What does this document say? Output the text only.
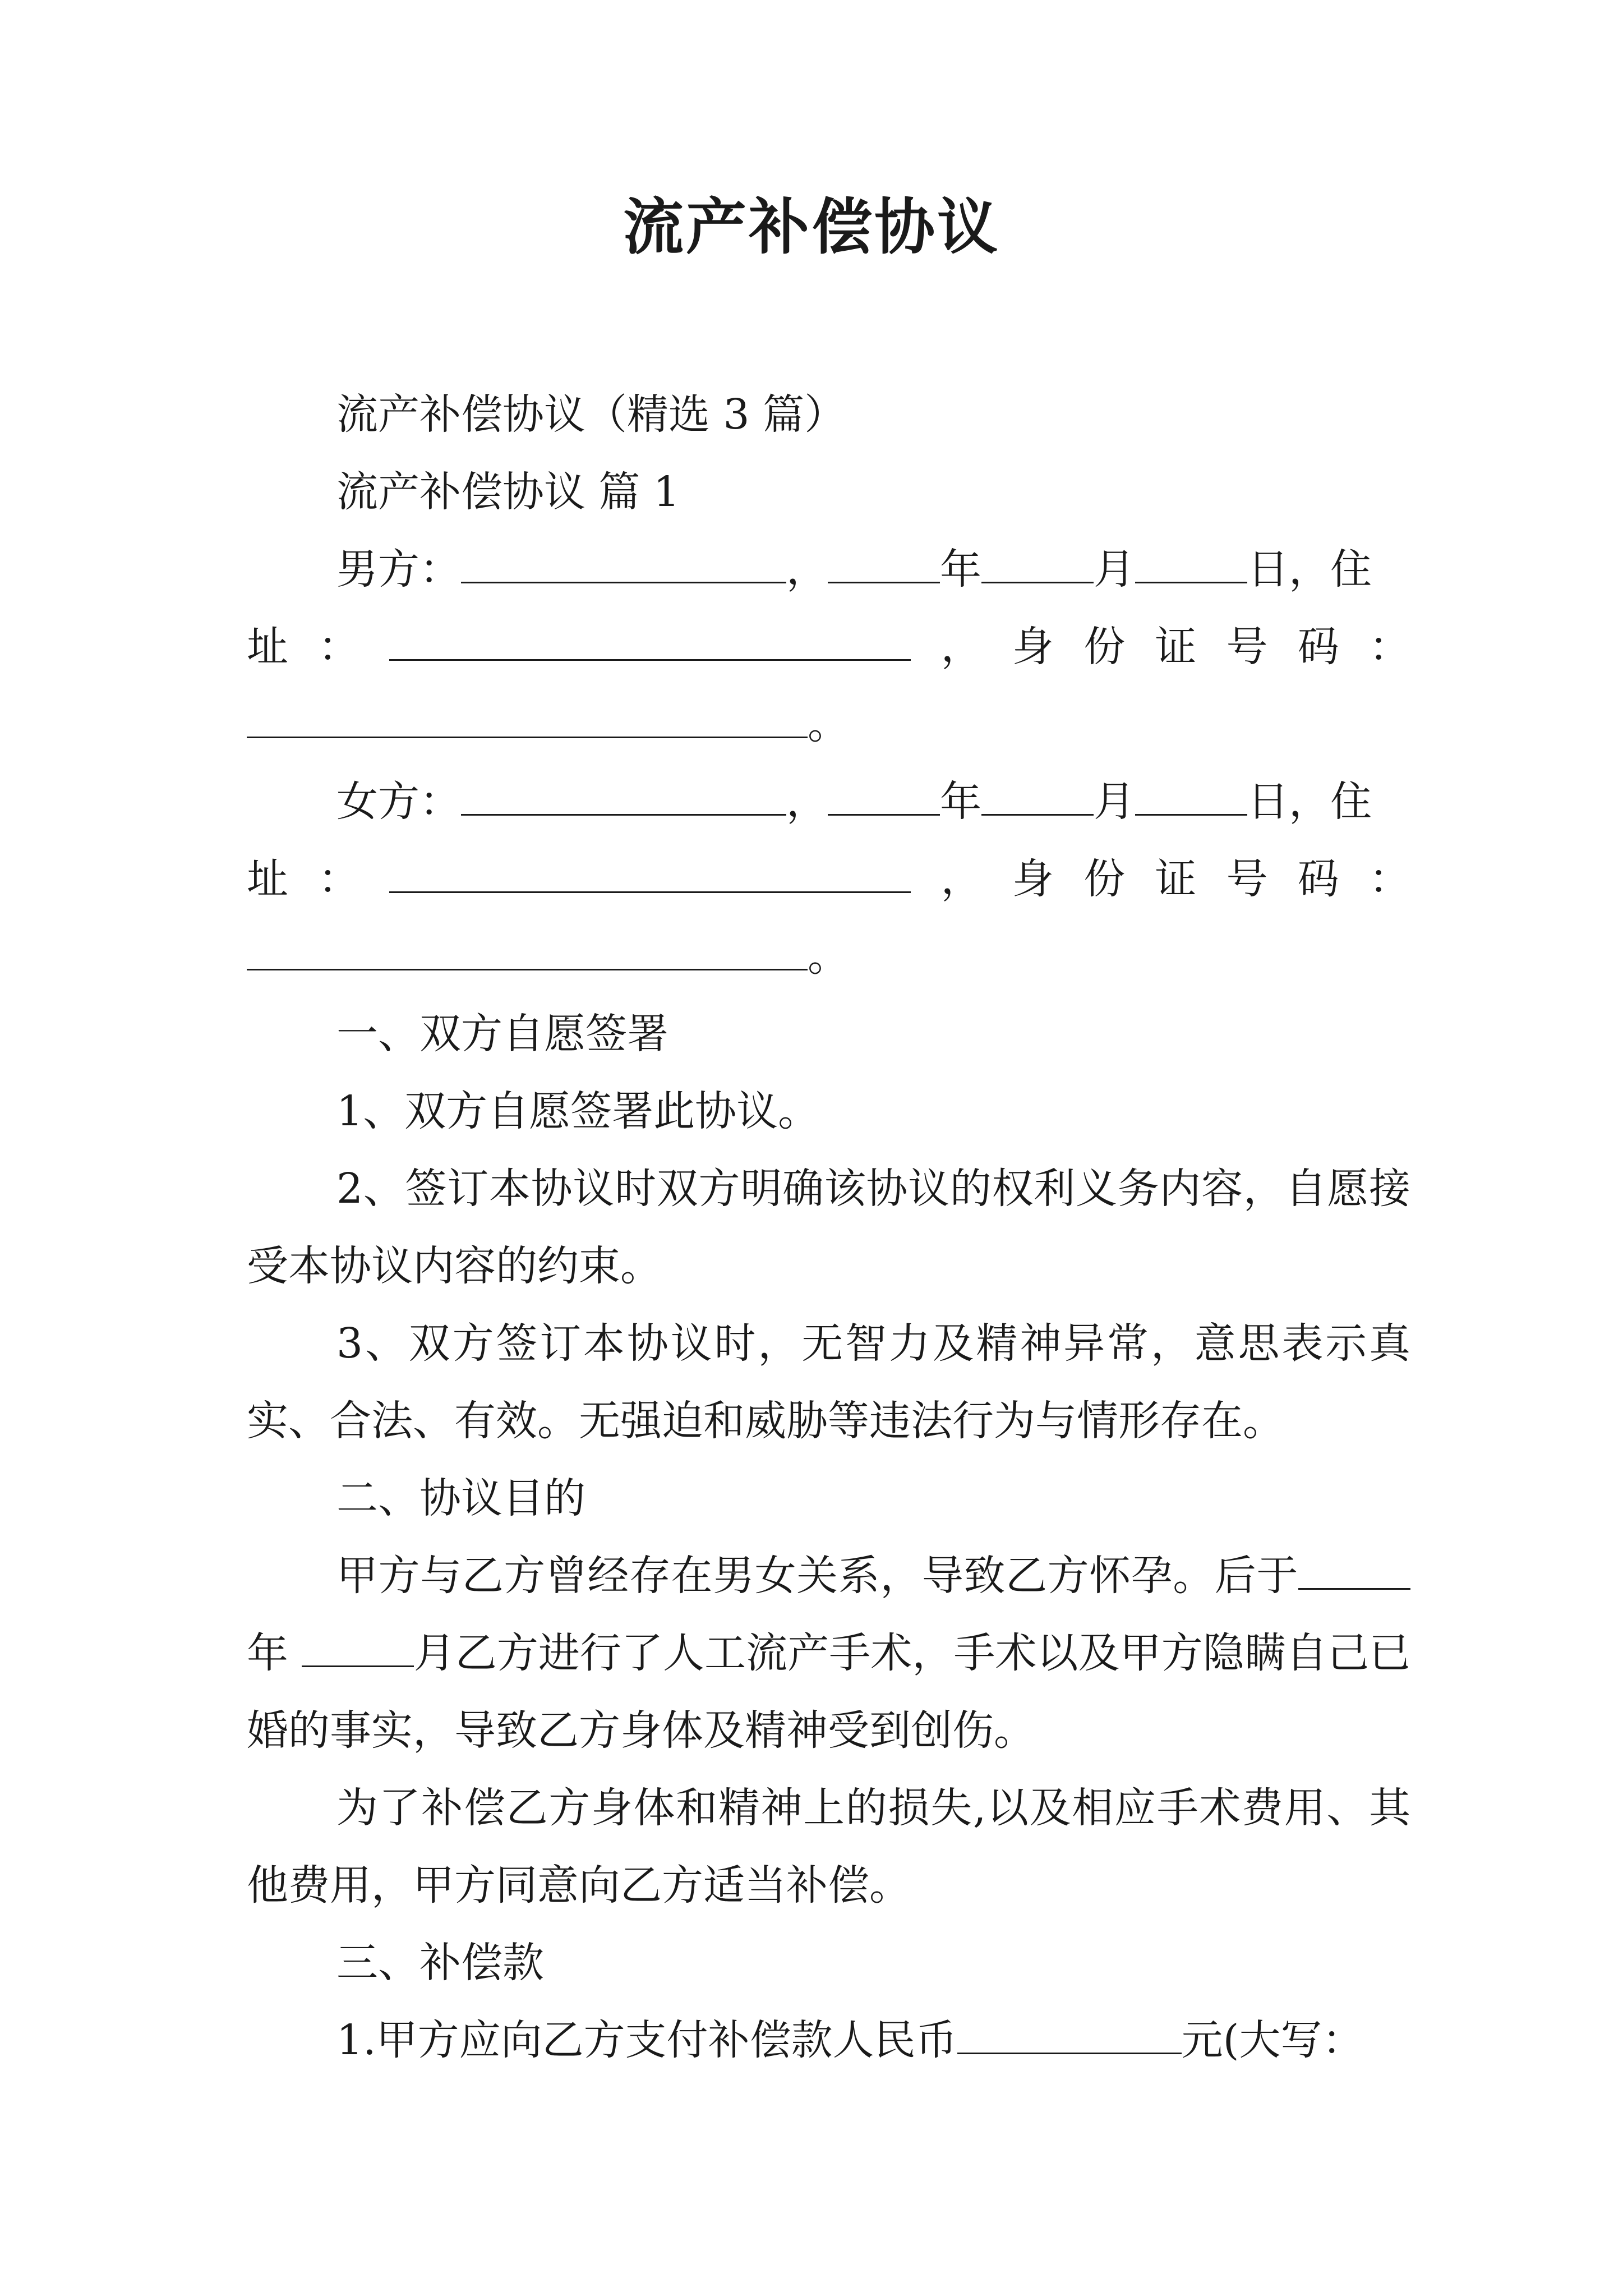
流产补偿协议

流产补偿协议（精选 3 篇）

流产补偿协议 篇 1

男方：	，	年	月	日，住

址 ：	， 身 份 证 号 码 ：
。

女方：	，	年	月	日，住

址 ：	， 身 份 证 号 码 ：
。

一、双方自愿签署

1、双方自愿签署此协议。

2、签订本协议时双方明确该协议的权利义务内容，自愿接受本协议内容的约束。

3、双方签订本协议时，无智力及精神异常，意思表示真实、合法、有效。无强迫和威胁等违法行为与情形存在。

二、协议目的

甲方与乙方曾经存在男女关系，导致乙方怀孕。后于年	月乙方进行了人工流产手术，手术以及甲方隐瞒自己已婚的事实，导致乙方身体及精神受到创伤。

为了补偿乙方身体和精神上的损失,以及相应手术费用、其他费用，甲方同意向乙方适当补偿。

三、补偿款

1.甲方应向乙方支付补偿款人民币	元(大写：
